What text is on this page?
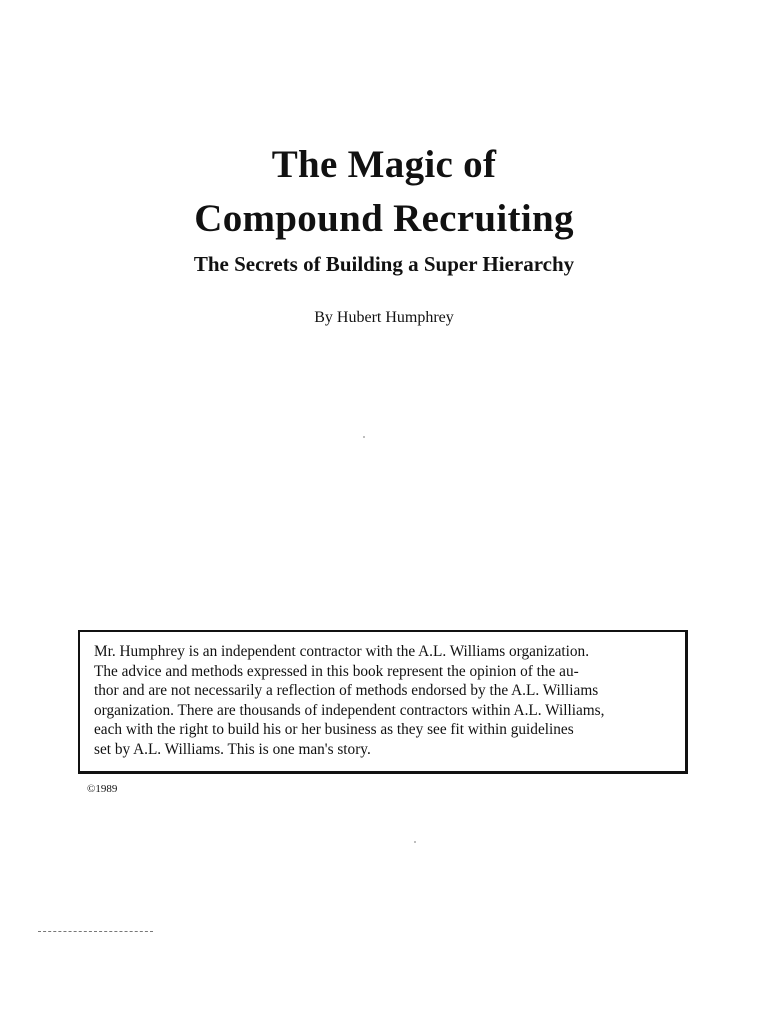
The Magic of
Compound Recruiting
The Secrets of Building a Super Hierarchy
By Hubert Humphrey
Mr. Humphrey is an independent contractor with the A.L. Williams organization.
The advice and methods expressed in this book represent the opinion of the au-
thor and are not necessarily a reflection of methods endorsed by the A.L. Williams
organization. There are thousands of independent contractors within A.L. Williams,
each with the right to build his or her business as they see fit within guidelines
set by A.L. Williams. This is one man's story.
©1989
